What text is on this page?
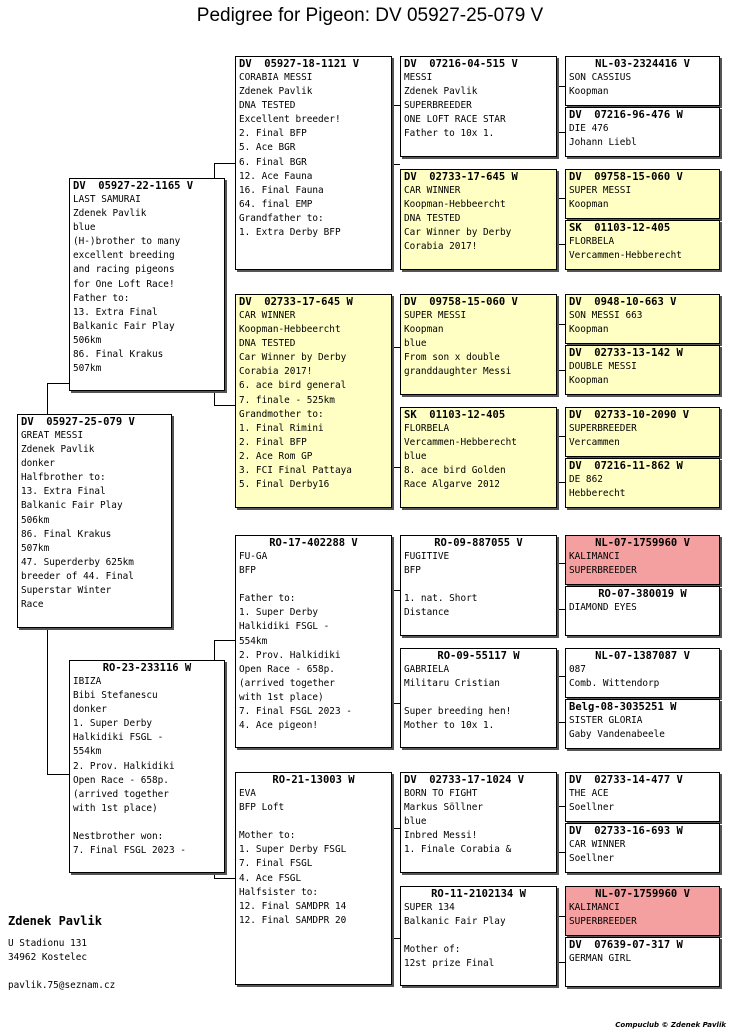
Pedigree for Pigeon: DV 05927-25-079 V
DV  05927-25-079 V
GREAT MESSI
Zdenek Pavlik
donker
Halfbrother to:
13. Extra Final
Balkanic Fair Play
506km
86. Final Krakus
507km
47. Superderby 625km
breeder of 44. Final
Superstar Winter
Race
DV  05927-22-1165 V
LAST SAMURAI
Zdenek Pavlik
blue
(H-)brother to many
excellent breeding
and racing pigeons
for One Loft Race!
Father to:
13. Extra Final
Balkanic Fair Play
506km
86. Final Krakus
507km
RO-23-233116 W
IBIZA
Bibi Stefanescu
donker
1. Super Derby
Halkidiki FSGL -
554km
2. Prov. Halkidiki
Open Race - 658p.
(arrived together
with 1st place)

Nestbrother won:
7. Final FSGL 2023 -
DV  05927-18-1121 V
CORABIA MESSI
Zdenek Pavlik
DNA TESTED
Excellent breeder!
2. Final BFP
5. Ace BGR
6. Final BGR
12. Ace Fauna
16. Final Fauna
64. final EMP
Grandfather to:
1. Extra Derby BFP
DV  02733-17-645 W
CAR WINNER
Koopman-Hebbeercht
DNA TESTED
Car Winner by Derby
Corabia 2017!
6. ace bird general
7. finale - 525km
Grandmother to:
1. Final Rimini
2. Final BFP
2. Ace Rom GP
3. FCI Final Pattaya
5. Final Derby16
RO-17-402288 V
FU-GA
BFP

Father to:
1. Super Derby
Halkidiki FSGL -
554km
2. Prov. Halkidiki
Open Race - 658p.
(arrived together
with 1st place)
7. Final FSGL 2023 -
4. Ace pigeon!
RO-21-13003 W
EVA
BFP Loft

Mother to:
1. Super Derby FSGL
7. Final FSGL
4. Ace FSGL
Halfsister to:
12. Final SAMDPR 14
12. Final SAMDPR 20
DV  07216-04-515 V
MESSI
Zdenek Pavlik
SUPERBREEDER
ONE LOFT RACE STAR
Father to 10x 1.
DV  02733-17-645 W
CAR WINNER
Koopman-Hebbeercht
DNA TESTED
Car Winner by Derby
Corabia 2017!
DV  09758-15-060 V
SUPER MESSI
Koopman
blue
From son x double
granddaughter Messi
SK  01103-12-405
FLORBELA
Vercammen-Hebberecht
blue
8. ace bird Golden
Race Algarve 2012
RO-09-887055 V
FUGITIVE
BFP

1. nat. Short
Distance
RO-09-55117 W
GABRIELA
Militaru Cristian

Super breeding hen!
Mother to 10x 1.
DV  02733-17-1024 V
BORN TO FIGHT
Markus Söllner
blue
Inbred Messi!
1. Finale Corabia &
RO-11-2102134 W
SUPER 134
Balkanic Fair Play

Mother of:
12st prize Final
NL-03-2324416 V
SON CASSIUS
Koopman
DV  07216-96-476 W
DIE 476
Johann Liebl
DV  09758-15-060 V
SUPER MESSI
Koopman
SK  01103-12-405
FLORBELA
Vercammen-Hebberecht
DV  0948-10-663 V
SON MESSI 663
Koopman
DV  02733-13-142 W
DOUBLE MESSI
Koopman
DV  02733-10-2090 V
SUPERBREEDER
Vercammen
DV  07216-11-862 W
DE 862
Hebberecht
NL-07-1759960 V
KALIMANCI
SUPERBREEDER
RO-07-380019 W
DIAMOND EYES
NL-07-1387087 V
087
Comb. Wittendorp
Belg-08-3035251 W
SISTER GLORIA
Gaby Vandenabeele
DV  02733-14-477 V
THE ACE
Soellner
DV  02733-16-693 W
CAR WINNER
Soellner
NL-07-1759960 V
KALIMANCI
SUPERBREEDER
DV  07639-07-317 W
GERMAN GIRL
Zdenek Pavlik
U Stadionu 131
34962 Kostelec
pavlik.75@seznam.cz
Compuclub © Zdenek Pavlik
